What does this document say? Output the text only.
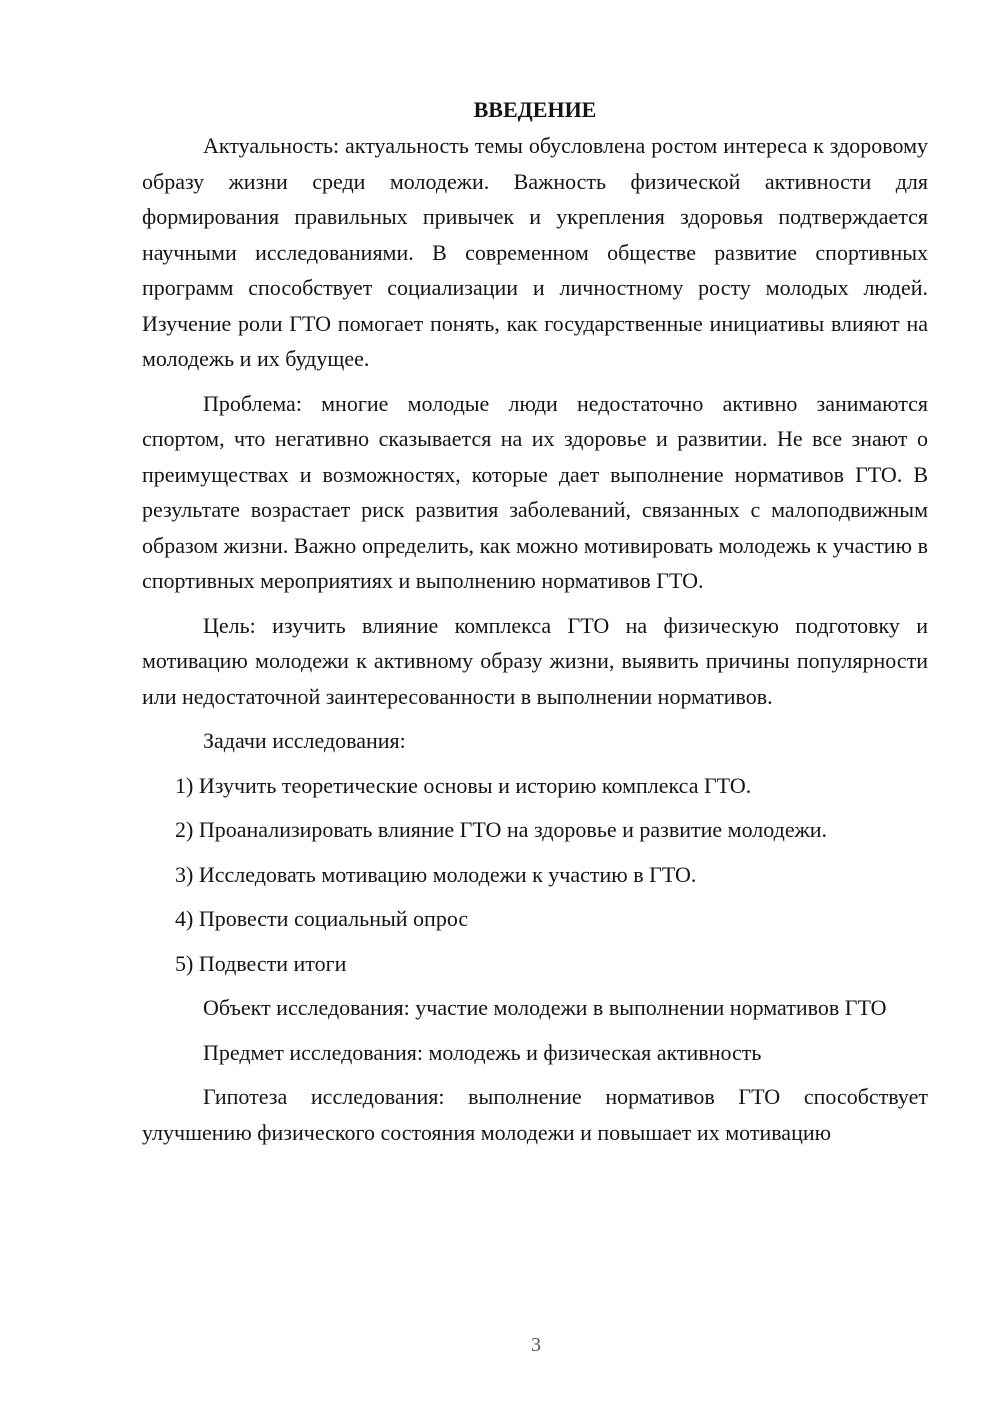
ВВЕДЕНИЕ

Актуальность: актуальность темы обусловлена ростом интереса к здоровому образу жизни среди молодежи. Важность физической активности для формирования правильных привычек и укрепления здоровья подтверждается научными исследованиями. В современном обществе развитие спортивных программ способствует социализации и личностному росту молодых людей. Изучение роли ГТО помогает понять, как государственные инициативы влияют на молодежь и их будущее.

Проблема: многие молодые люди недостаточно активно занимаются спортом, что негативно сказывается на их здоровье и развитии. Не все знают о преимуществах и возможностях, которые дает выполнение нормативов ГТО. В результате возрастает риск развития заболеваний, связанных с малоподвижным образом жизни. Важно определить, как можно мотивировать молодежь к участию в спортивных мероприятиях и выполнению нормативов ГТО.

Цель: изучить влияние комплекса ГТО на физическую подготовку и мотивацию молодежи к активному образу жизни, выявить причины популярности или недостаточной заинтересованности в выполнении нормативов.

Задачи исследования:

1) Изучить теоретические основы и историю комплекса ГТО.
2) Проанализировать влияние ГТО на здоровье и развитие молодежи.
3) Исследовать мотивацию молодежи к участию в ГТО.
4) Провести социальный опрос
5) Подвести итоги

Объект исследования: участие молодежи в выполнении нормативов ГТО

Предмет исследования: молодежь и физическая активность

Гипотеза исследования: выполнение нормативов ГТО способствует улучшению физического состояния молодежи и повышает их мотивацию

3
